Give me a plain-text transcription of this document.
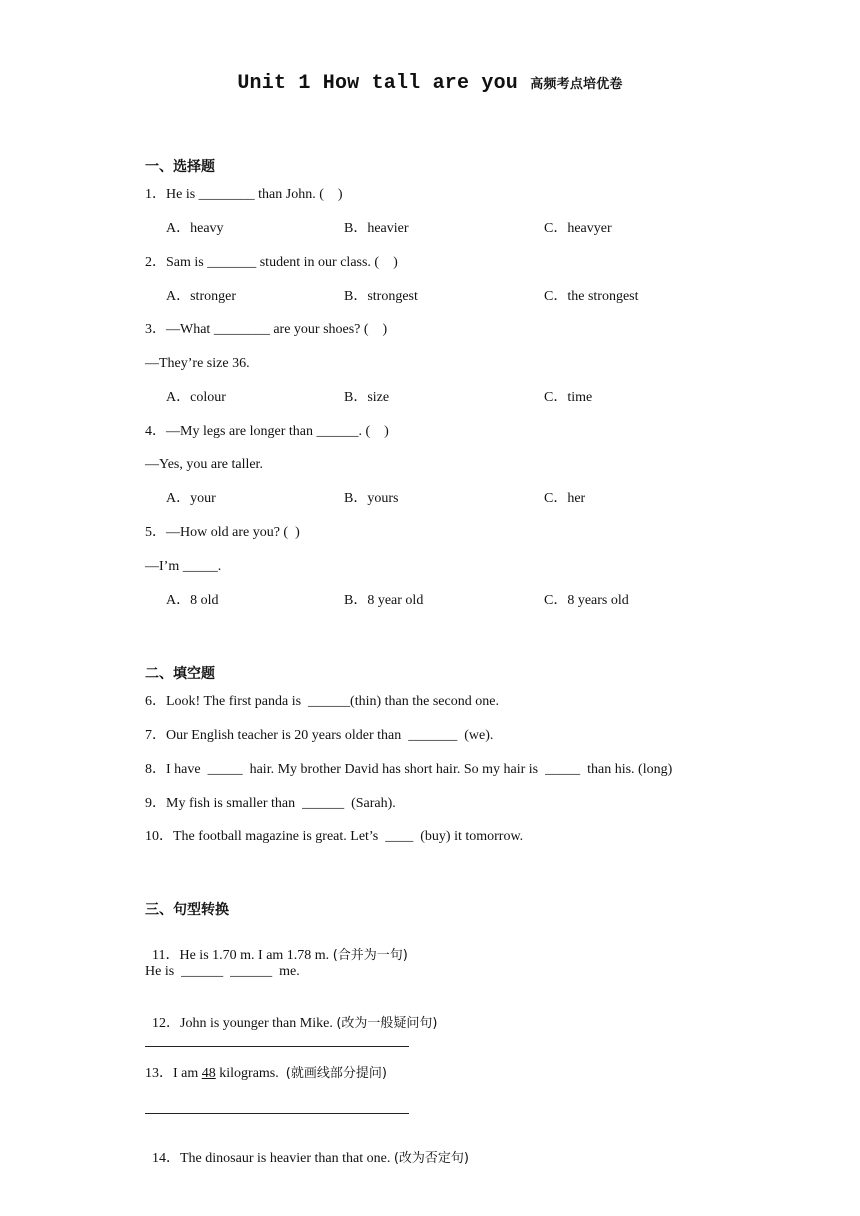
Unit 1 How tall are you 高频考点培优卷
一、选择题
1．He is ________ than John. (　)
A．heavy	B．heavier	C．heavyer
2．Sam is _______ student in our class. (　)
A．stronger	B．strongest	C．the strongest
3．—What ________ are your shoes? (　)
—They’re size 36.
A．colour	B．size	C．time
4．—My legs are longer than ______. (　)
—Yes, you are taller.
A．your	B．yours	C．her
5．—How old are you? (  )
—I’m _____.
A．8 old	B．8 year old	C．8 years old
二、填空题
6．Look! The first panda is  ______(thin) than the second one.
7．Our English teacher is 20 years older than  _______  (we).
8．I have  _____  hair. My brother David has short hair. So my hair is  _____  than his. (long)
9．My fish is smaller than  ______  (Sarah).
10．The football magazine is great. Let’s  ____  (buy) it tomorrow.
三、句型转换

11．He is 1.70 m. I am 1.78 m. (合并为一句)

He is  ______  ______  me.

12．John is younger than Mike. (改为一般疑问句)

13．I am 48 kilograms.  (就画线部分提问)

14．The dinosaur is heavier than that one. (改为否定句)
